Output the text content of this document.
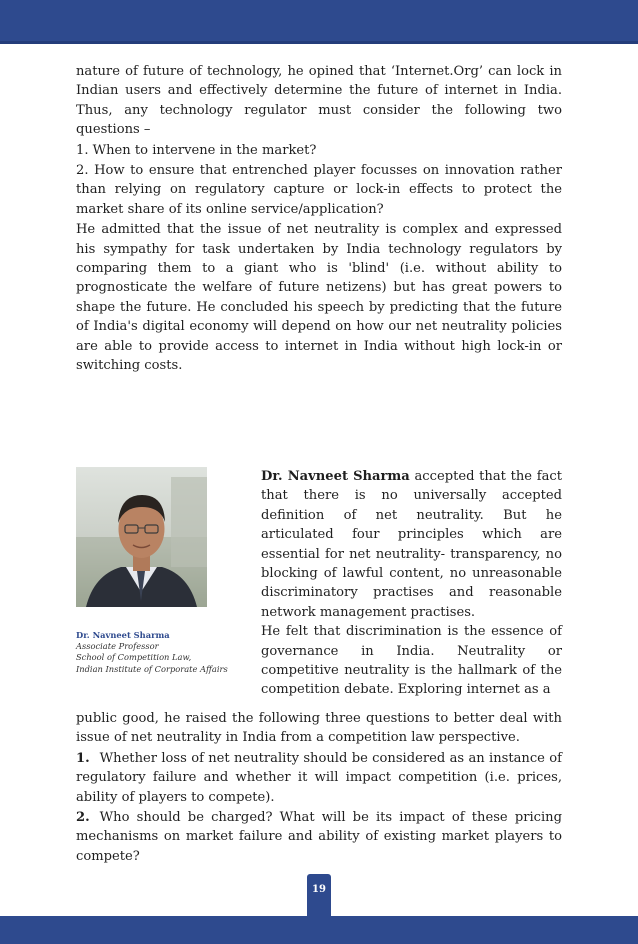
nature of future of technology, he opined that ‘Internet.Org’ can lock in Indian users and effectively determine the future of internet in India. Thus, any technology regulator must consider the following two questions –

1. When to intervene in the market?

2. How to ensure that entrenched player focusses on innovation rather than relying on regulatory capture or lock-in effects to protect the market share of its online service/application?

He admitted that the issue of net neutrality is complex and expressed his sympathy for task undertaken by India technology regulators by comparing them to a giant who is 'blind' (i.e. without ability to prognosticate the welfare of future netizens) but has great powers to shape the future. He concluded his speech by predicting that the future of India's digital economy will depend on how our net neutrality policies are able to provide access to internet in India without high lock-in or switching costs.

Dr. Navneet Sharma
Associate Professor
School of Competition Law,
Indian Institute of Corporate Affairs

Dr. Navneet Sharma accepted that the fact that there is no universally accepted definition of net neutrality. But he articulated four principles which are essential for net neutrality- transparency, no blocking of lawful content, no unreasonable discriminatory practises and reasonable network management practises.

He felt that discrimination is the essence of governance in India. Neutrality or competitive neutrality is the hallmark of the competition debate. Exploring internet as a

public good, he raised the following three questions to better deal with issue of net neutrality in India from a competition law perspective.

1. Whether loss of net neutrality should be considered as an instance of regulatory failure and whether it will impact competition (i.e. prices, ability of players to compete).

2. Who should be charged? What will be its impact of these pricing mechanisms on market failure and ability of existing market players to compete?

19
